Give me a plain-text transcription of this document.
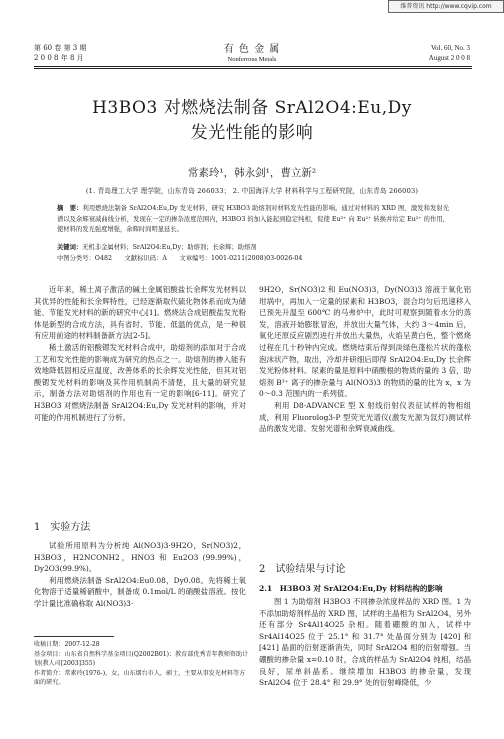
维普资讯 http://www.cqvip.com
第 60 卷 第 3 期
2 0 0 8 年 8 月
有 色 金 属
Nonferrous Metals
Vol. 60, No. 3
August 2 0 0 8
H3BO3 对燃烧法制备 SrAl2O4:Eu,Dy
发光性能的影响
常素玲¹，韩永剑¹，曹立新²
(1. 青岛理工大学 理学院，山东青岛 266033； 2. 中国海洋大学 材料科学与工程研究院，山东青岛 266003)
摘　要：利用燃烧法制备 SrAl2O4:Eu,Dy 发光材料，研究 H3BO3 助熔剂对材料发光性能的影响。通过对材料的 XRD 图、激发和发射光谱以及余辉衰减曲线分析，发现在一定的掺杂浓度范围内，H3BO3 的加入能起到稳定纯相，促使 Eu³⁺ 向 Eu²⁺ 转换并给定 Eu²⁺ 的作用，使材料的发光强度增强，余辉时间明显延长。
关键词：无机非金属材料；SrAl2O4:Eu,Dy；助熔剂；长余辉；助熔剂
中图分类号：O482　　文献标识码：A　　文章编号：1001-0211(2008)03-0026-04

近年来，稀土离子激活的碱土金属铝酸盐长余辉发光材料以其优异的性能和长余辉特性，已经逐渐取代硫化物体系而成为储能、节能发光材料的新的研究中心[1]。燃烧法合成铝酸盐发光粉体是新型的合成方法，具有省时、节能、低温的优点，是一种很有应用前途的材料制备新方法[2-5]。

稀土激活的铝酸锶发光材料合成中，助熔剂的添加对于合成工艺和发光性能的影响成为研究的热点之一。助熔剂的掺入能有效地降低固相反应温度，改善体系的长余辉发光性能，但其对铝酸锶发光材料的影响及其作用机制尚不清楚，且大量的研究显示，制备方法对助熔剂的作用也有一定的影响[6-11]。研究了 H3BO3 对燃烧法制备 SrAl2O4:Eu,Dy 发光材料的影响，并对可能的作用机制进行了分析。

1　实验方法

试验所用原料为分析纯 Al(NO3)3·9H2O，Sr(NO3)2，H3BO3，H2NCONH2，HNO3 和 Eu2O3 (99.99%)，Dy2O3(99.9%)。

利用燃烧法制备 SrAl2O4:Eu0.08，Dy0.08。先将稀土氧化物溶于适量稀硝酸中，制备成 0.1mol/L 的硝酸盐溶液。按化学计量比准确称取 Al(NO3)3·

收稿日期：2007-12-28
基金项目：山东省自然科学基金项目(Q2002B01)；教育部优秀青年教师资助计划(教人司[2003]355)
作者简介：常素玲(1976-)，女，山东烟台市人，硕士，主要从事发光材料等方面的研究。

9H2O，Sr(NO3)2 和 Eu(NO3)3，Dy(NO3)3 溶液于氧化铝坩埚中，再加入一定量的尿素和 H3BO3，混合均匀后迅速移入已预先升温至 600℃ 的马弗炉中，此时可观察到随着水分的蒸发，溶液开始膨胀冒泡，并放出大量气体，大约 3～4min 后，氧化还原反应剧烈进行并放出大量热，火焰呈黄白色，整个燃烧过程在几十秒钟内完成。燃烧结束后得到淡绿色蓬松片状的蓬松泡沫状产物，取出，冷却并研细后即得 SrAl2O4:Eu,Dy 长余辉发光粉体材料。尿素的量是原料中硝酸根的物质的量的 3 倍，助熔剂 B³⁺ 离子的掺杂量与 Al(NO3)3 的物质的量的比为 x，x 为 0～0.3 范围内的一系列值。

利用 D8-ADVANCE 型 X 射线衍射仪表征试样的物相组成，利用 Fluorolog3-P 型荧光光谱仪(激发光源为氙灯)测试样品的激发光谱、发射光谱和余辉衰减曲线。

2　试验结果与讨论
2.1　H3BO3 对 SrAl2O4:Eu,Dy 材料结构的影响

图 1 为助熔剂 H3BO3 不同掺杂浓度样品的 XRD 图。1 为不添加助熔剂样品的 XRD 图，试样的主晶相为 SrAl2O4，另外还有部分 Sr4Al14O25 杂相。随着硼酸的加入，试样中 Sr4Al14O25 位于 25.1° 和 31.7° 处晶面分别为 [420] 和 [421] 晶面的衍射逐渐消失，同时 SrAl2O4 相的衍射增强。当硼酸的掺杂量 x=0.10 时，合成的样品为 SrAl2O4 纯相，结晶良好，尿单斜晶系。继续增加 H3BO3 的掺杂量，发现 SrAl2O4 位于 28.4° 和 29.9° 处的衍射峰降低，少
